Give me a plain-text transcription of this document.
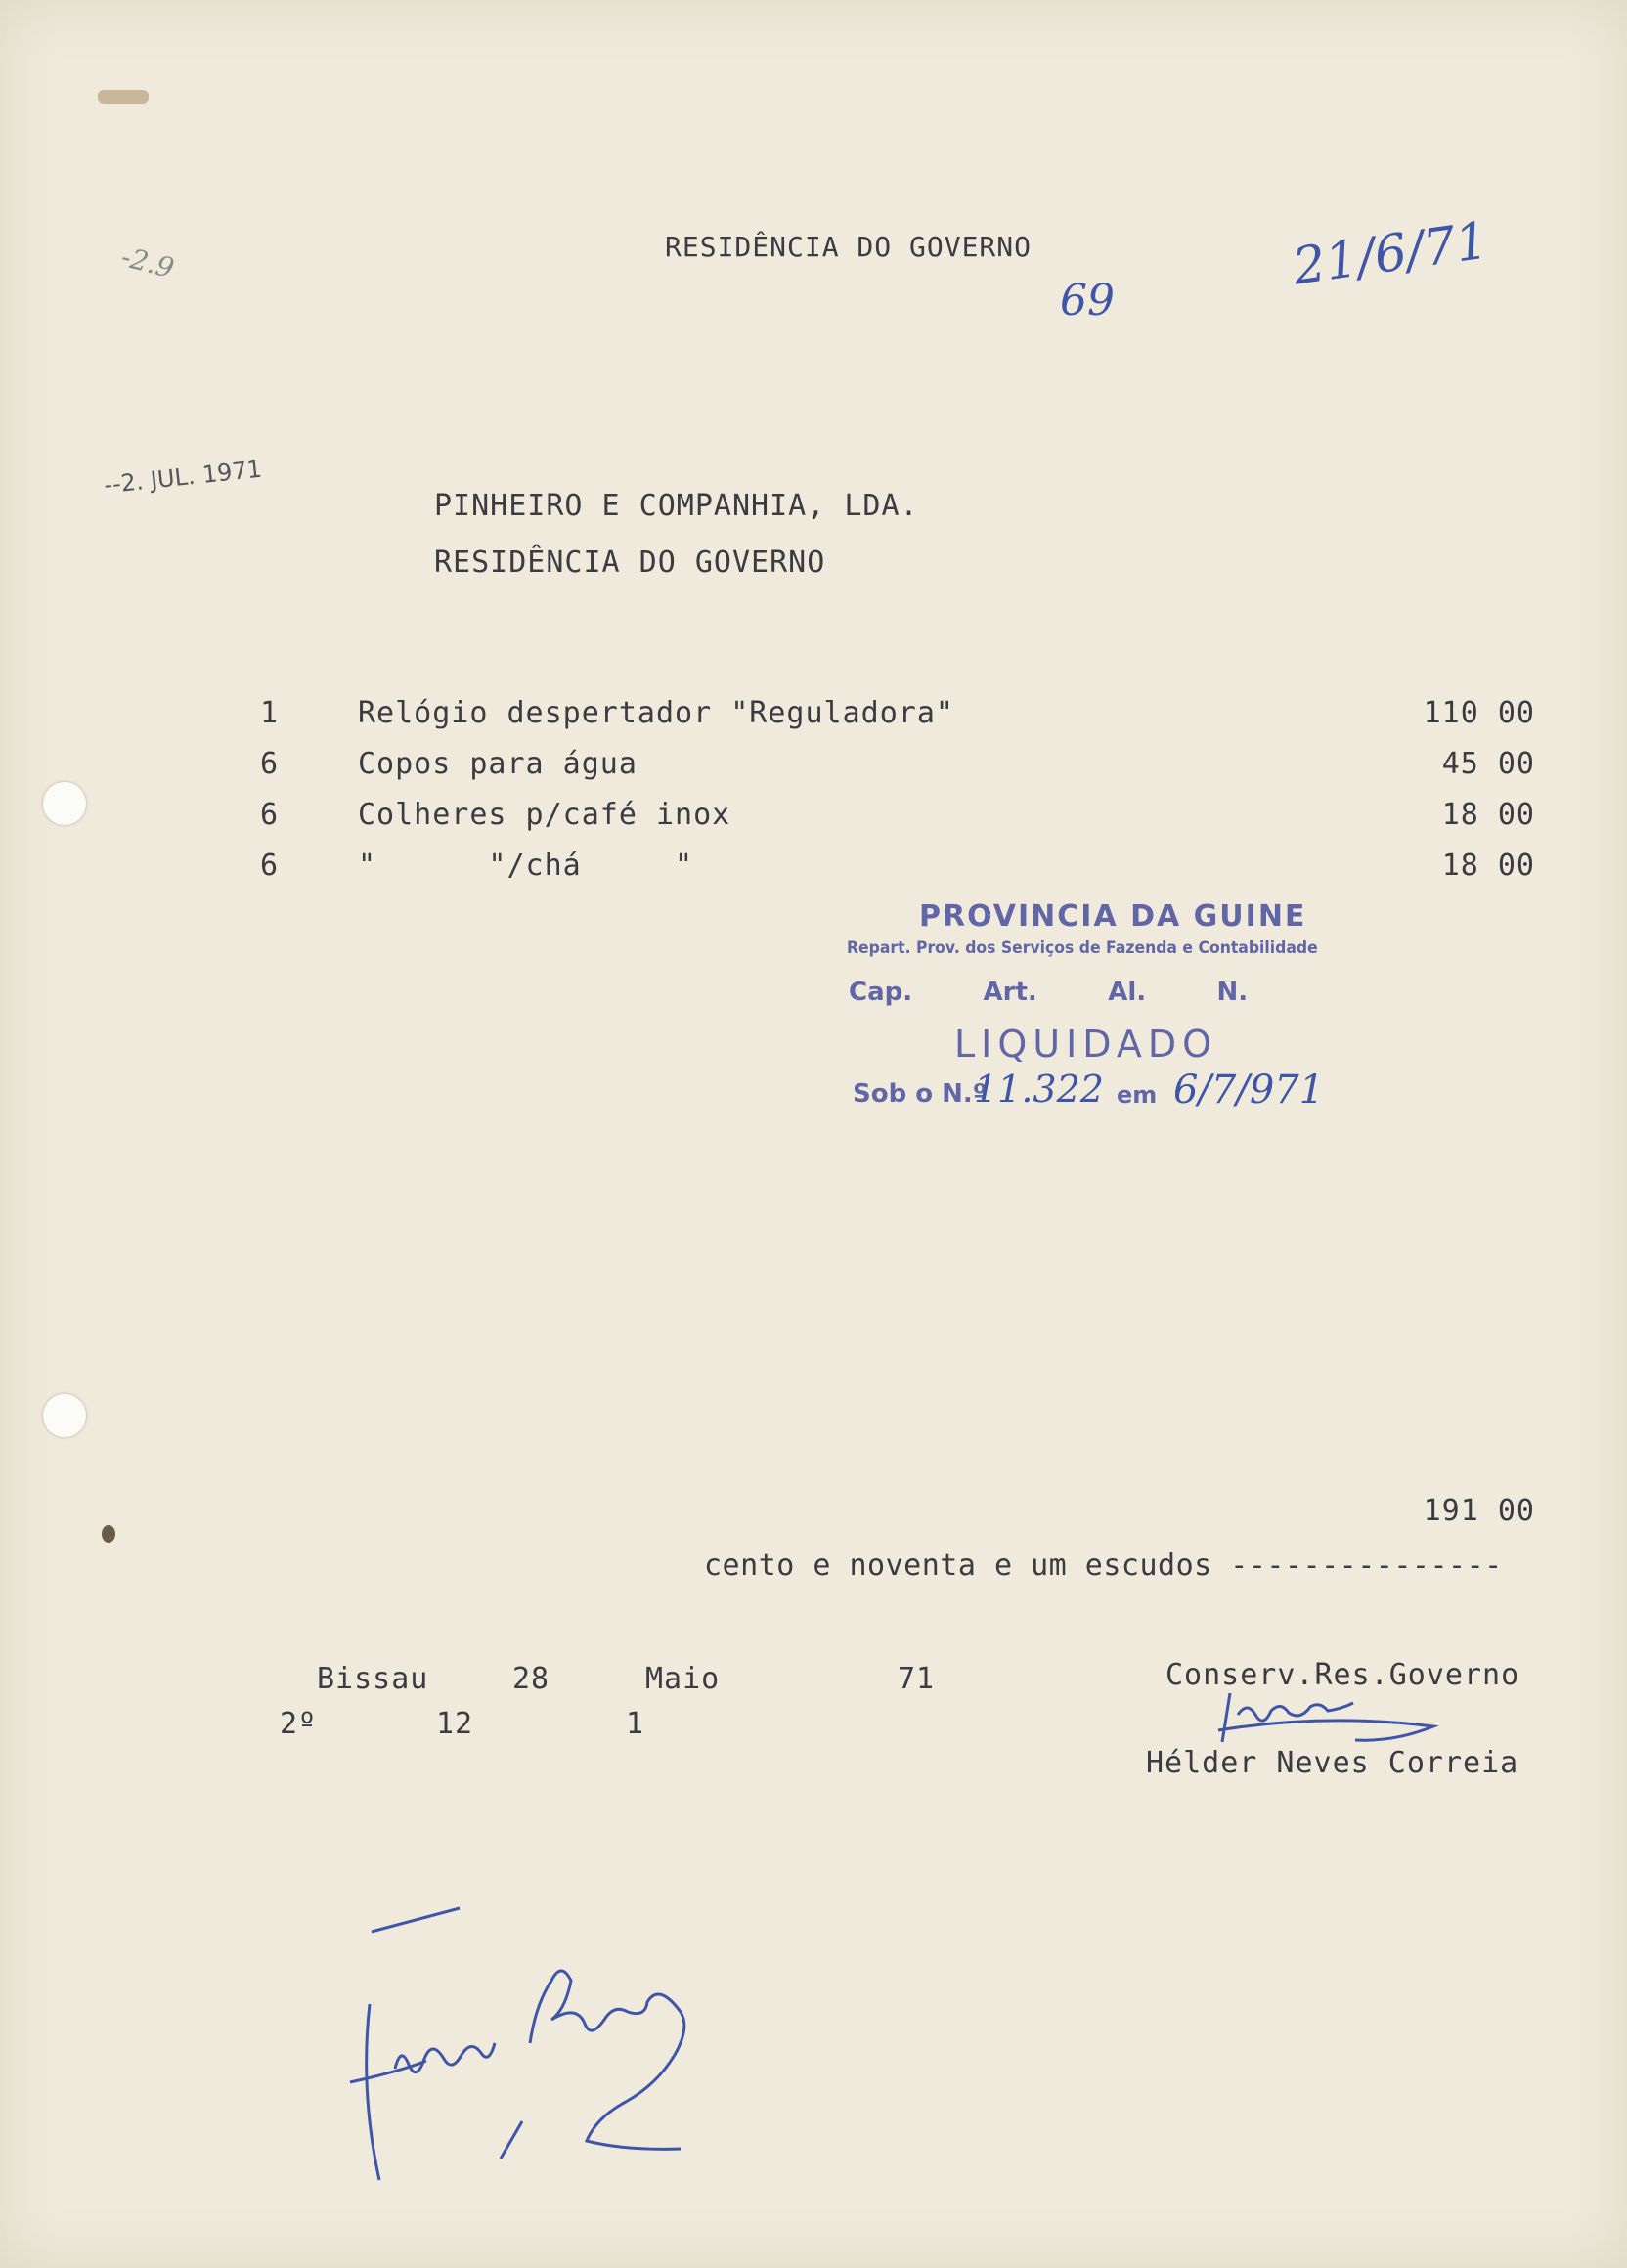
RESIDÊNCIA DO GOVERNO
69
21/6/71
-2.9
--2. JUL. 1971
PINHEIRO E COMPANHIA, LDA.
RESIDÊNCIA DO GOVERNO
1	Relógio despertador "Reguladora"	110 00
6	Copos para água	45 00
6	Colheres p/café inox	18 00
6	"      "/chá     "	18 00
PROVINCIA DA GUINE
Repart. Prov. dos Serviços de Fazenda e Contabilidade
Cap.        Art.        Al.        N.
LIQUIDADO
Sob o N.º
11.322 em 6/7/971
191 00
cento e noventa e um escudos ---------------
Bissau	28	Maio	71
2º	12	1
Conserv.Res.Governo
Hélder Neves Correia
